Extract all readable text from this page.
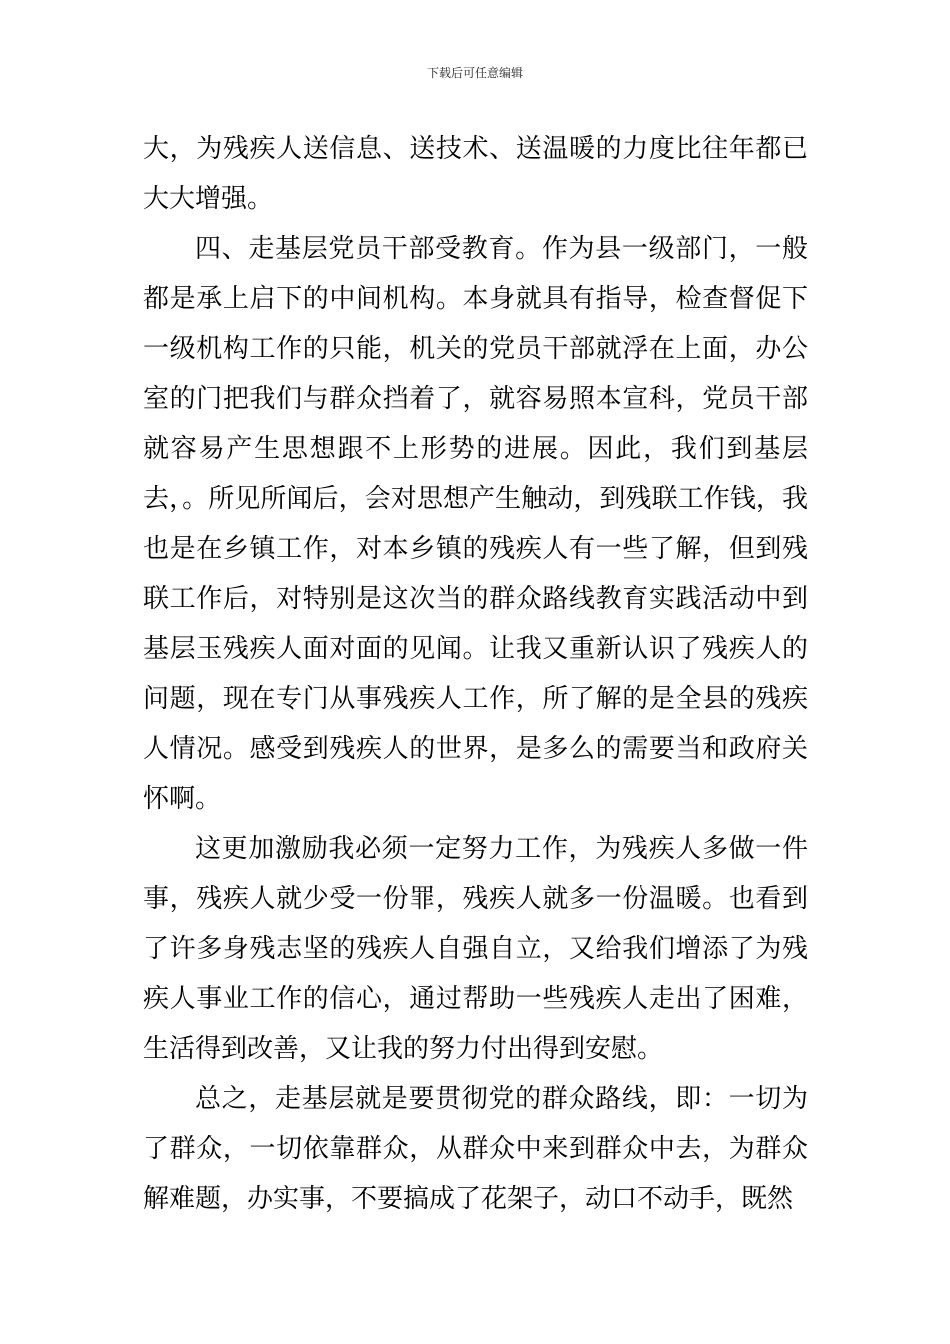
下载后可任意编辑

大，为残疾人送信息、送技术、送温暖的力度比往年都已大大增强。

四、走基层党员干部受教育。作为县一级部门，一般都是承上启下的中间机构。本身就具有指导，检查督促下一级机构工作的只能，机关的党员干部就浮在上面，办公室的门把我们与群众挡着了，就容易照本宣科，党员干部就容易产生思想跟不上形势的进展。因此，我们到基层去，。所见所闻后，会对思想产生触动，到残联工作钱，我也是在乡镇工作，对本乡镇的残疾人有一些了解，但到残联工作后，对特别是这次当的群众路线教育实践活动中到基层玉残疾人面对面的见闻。让我又重新认识了残疾人的问题，现在专门从事残疾人工作，所了解的是全县的残疾人情况。感受到残疾人的世界，是多么的需要当和政府关怀啊。

这更加激励我必须一定努力工作，为残疾人多做一件事，残疾人就少受一份罪，残疾人就多一份温暖。也看到了许多身残志坚的残疾人自强自立，又给我们增添了为残疾人事业工作的信心，通过帮助一些残疾人走出了困难，生活得到改善，又让我的努力付出得到安慰。

总之，走基层就是要贯彻党的群众路线，即：一切为了群众，一切依靠群众，从群众中来到群众中去，为群众解难题，办实事，不要搞成了花架子，动口不动手，既然
